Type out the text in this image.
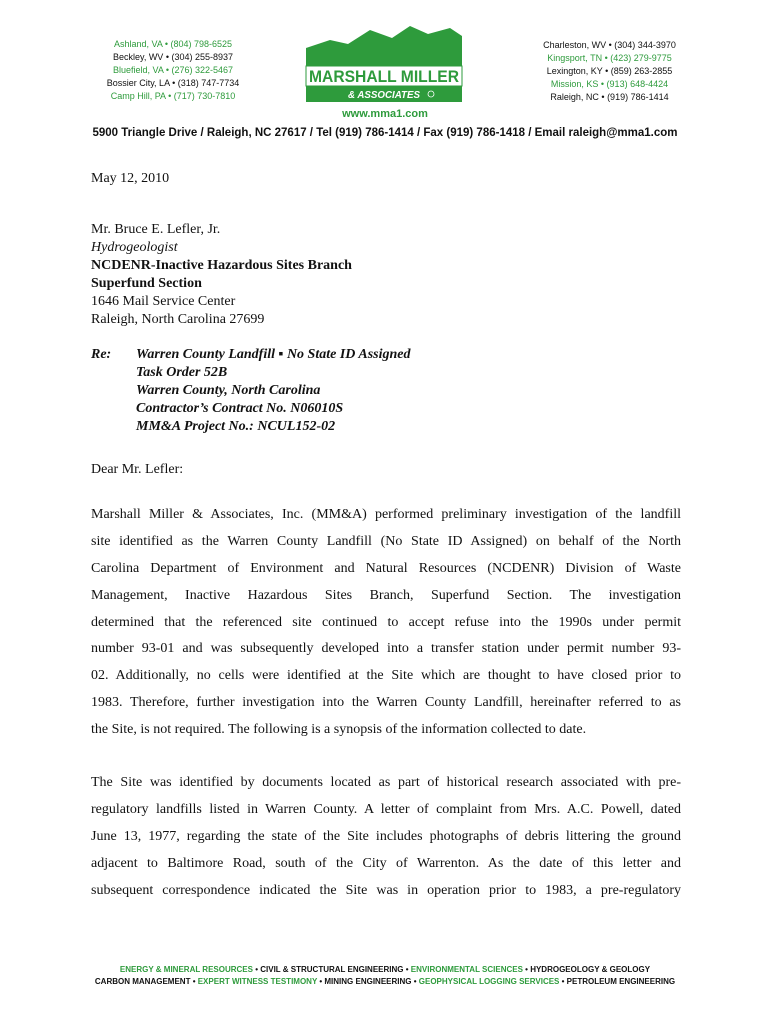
Ashland, VA • (804) 798-6525
Beckley, WV • (304) 255-8937
Bluefield, VA • (276) 322-5467
Bossier City, LA • (318) 747-7734
Camp Hill, PA • (717) 730-7810
Charleston, WV • (304) 344-3970
Kingsport, TN • (423) 279-9775
Lexington, KY • (859) 263-2855
Mission, KS • (913) 648-4424
Raleigh, NC • (919) 786-1414
MARSHALL MILLER
& ASSOCIATES
www.mma1.com
5900 Triangle Drive / Raleigh, NC 27617 / Tel (919) 786-1414 / Fax (919) 786-1418 / Email raleigh@mma1.com
May 12, 2010
Mr. Bruce E. Lefler, Jr.
Hydrogeologist
NCDENR-Inactive Hazardous Sites Branch
Superfund Section
1646 Mail Service Center
Raleigh, North Carolina 27699
Re: Warren County Landfill ▪ No State ID Assigned
Task Order 52B
Warren County, North Carolina
Contractor’s Contract No. N06010S
MM&A Project No.: NCUL152-02
Dear Mr. Lefler:
Marshall Miller & Associates, Inc. (MM&A) performed preliminary investigation of the landfill
site identified as the Warren County Landfill (No State ID Assigned) on behalf of the North
Carolina Department of Environment and Natural Resources (NCDENR) Division of Waste
Management, Inactive Hazardous Sites Branch, Superfund Section. The investigation
determined that the referenced site continued to accept refuse into the 1990s under permit
number 93-01 and was subsequently developed into a transfer station under permit number 93-
02. Additionally, no cells were identified at the Site which are thought to have closed prior to
1983. Therefore, further investigation into the Warren County Landfill, hereinafter referred to as
the Site, is not required. The following is a synopsis of the information collected to date.
The Site was identified by documents located as part of historical research associated with pre-
regulatory landfills listed in Warren County. A letter of complaint from Mrs. A.C. Powell, dated
June 13, 1977, regarding the state of the Site includes photographs of debris littering the ground
adjacent to Baltimore Road, south of the City of Warrenton. As the date of this letter and
subsequent correspondence indicated the Site was in operation prior to 1983, a pre-regulatory
ENERGY & MINERAL RESOURCES • CIVIL & STRUCTURAL ENGINEERING • ENVIRONMENTAL SCIENCES • HYDROGEOLOGY & GEOLOGY
CARBON MANAGEMENT • EXPERT WITNESS TESTIMONY • MINING ENGINEERING • GEOPHYSICAL LOGGING SERVICES • PETROLEUM ENGINEERING
